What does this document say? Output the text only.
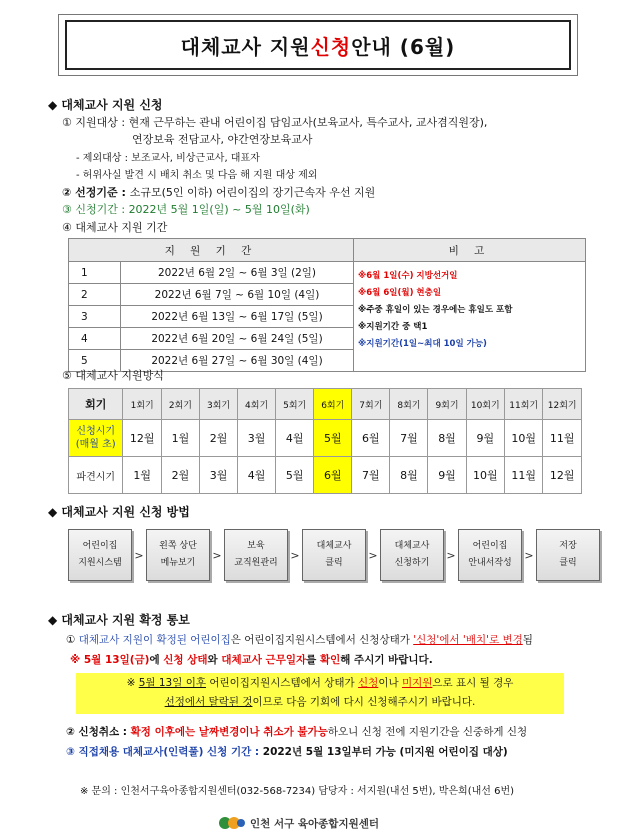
대체교사 지원 신청 안내 (6월)
◆ 대체교사 지원 신청
① 지원대상 : 현재 근무하는 관내 어린이집 담임교사(보육교사, 특수교사, 교사겸직원장),
연장보육 전담교사, 야간연장보육교사
- 제외대상 : 보조교사, 비상근교사, 대표자
- 허위사실 발견 시 배치 취소 및 다음 해 지원 대상 제외
② 선정기준 : 소규모(5인 이하) 어린이집의 장기근속자 우선 지원
③ 신청기간 : 2022년 5월 1일(일) ~ 5월 10일(화)
④ 대체교사 지원 기간
지 원 기 간		비 고
1	2022년 6월 2일 ~ 6월 3일 (2일)	※6월 1일(수) 지방선거일
※6월 6일(월) 현충일
※주중 휴일이 있는 경우에는 휴일도 포함
※지원기간 중 택1
※지원기간(1일~최대 10일 가능)

2	2022년 6월 7일 ~ 6월 10일 (4일)	
3	2022년 6월 13일 ~ 6월 17일 (5일)	
4	2022년 6월 20일 ~ 6월 24일 (5일)	
5	2022년 6월 27일 ~ 6월 30일 (4일)	
⑤ 대체교사 지원방식
회기	1회기	2회기	3회기	4회기	5회기	6회기	7회기	8회기	9회기	10회기	11회기	12회기

신청시기
(매월 초)	12월	1월	2월	3월	4월	5월	6월	7월	8월	9월	10월	11월
파견시기	1월	2월	3월	4월	5월	6월	7월	8월	9월	10월	11월	12월
◆ 대체교사 지원 신청 방법
어린이집
지원시스템
>
왼쪽 상단
메뉴보기
>
보육
교직원관리
>
대체교사
클릭
>
대체교사
신청하기
>
어린이집
안내서작성
>
저장
클릭
◆ 대체교사 지원 확정 통보
① 대체교사 지원이 확정된 어린이집은 어린이집지원시스템에서 신청상태가 '신청'에서 '배치'로 변경됨
※ 5월 13일(금)에 신청 상태와 대체교사 근무일자를 확인해 주시기 바랍니다.
※ 5월 13일 이후 어린이집지원시스템에서 상태가 신청이나 미지원으로 표시 될 경우
선정에서 탈락된 것이므로 다음 기회에 다시 신청해주시기 바랍니다.
② 신청취소 : 확정 이후에는 날짜변경이나 취소가 불가능하오니 신청 전에 지원기간을 신중하게 신청
③ 직접채용 대체교사(인력풀) 신청 기간 : 2022년 5월 13일부터 가능 (미지원 어린이집 대상)
※ 문의 : 인천서구육아종합지원센터(032-568-7234) 담당자 : 서지원(내선 5번), 박은희(내선 6번)
인천 서구 육아종합지원센터
